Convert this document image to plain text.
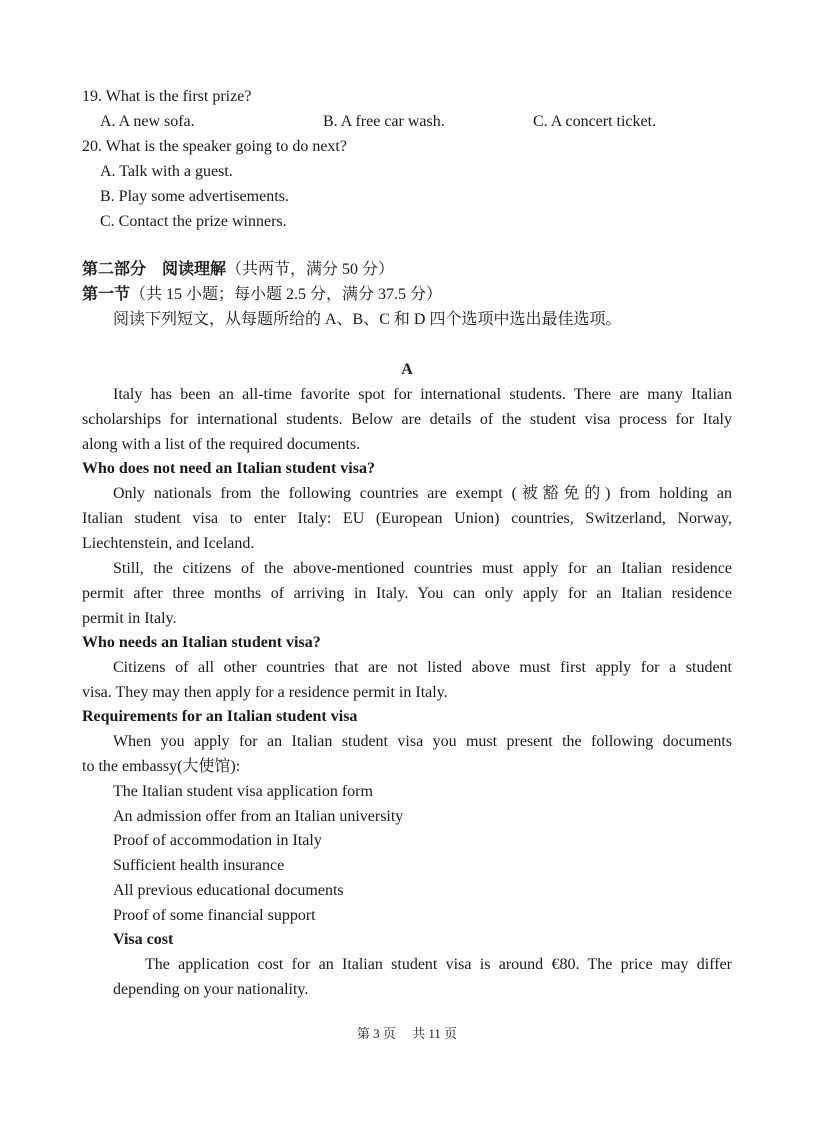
19. What is the first prize?
A. A new sofa.	B. A free car wash.	C. A concert ticket.
20. What is the speaker going to do next?
A. Talk with a guest.
B. Play some advertisements.
C. Contact the prize winners.
第二部分　阅读理解（共两节，满分 50 分）
第一节（共 15 小题；每小题 2.5 分，满分 37.5 分）
阅读下列短文，从每题所给的 A、B、C 和 D 四个选项中选出最佳选项。
A
Italy has been an all-time favorite spot for international students. There are many Italian
scholarships for international students. Below are details of the student visa process for Italy
along with a list of the required documents.
Who does not need an Italian student visa?
Only nationals from the following countries are exempt (被豁免的) from holding an
Italian student visa to enter Italy: EU (European Union) countries, Switzerland, Norway,
Liechtenstein, and Iceland.
Still, the citizens of the above-mentioned countries must apply for an Italian residence
permit after three months of arriving in Italy. You can only apply for an Italian residence
permit in Italy.
Who needs an Italian student visa?
Citizens of all other countries that are not listed above must first apply for a student
visa. They may then apply for a residence permit in Italy.
Requirements for an Italian student visa
When you apply for an Italian student visa you must present the following documents
to the embassy(大使馆):
The Italian student visa application form
An admission offer from an Italian university
Proof of accommodation in Italy
Sufficient health insurance
All previous educational documents
Proof of some financial support
Visa cost
The application cost for an Italian student visa is around €80. The price may differ
depending on your nationality.
第 3 页　 共 11 页
